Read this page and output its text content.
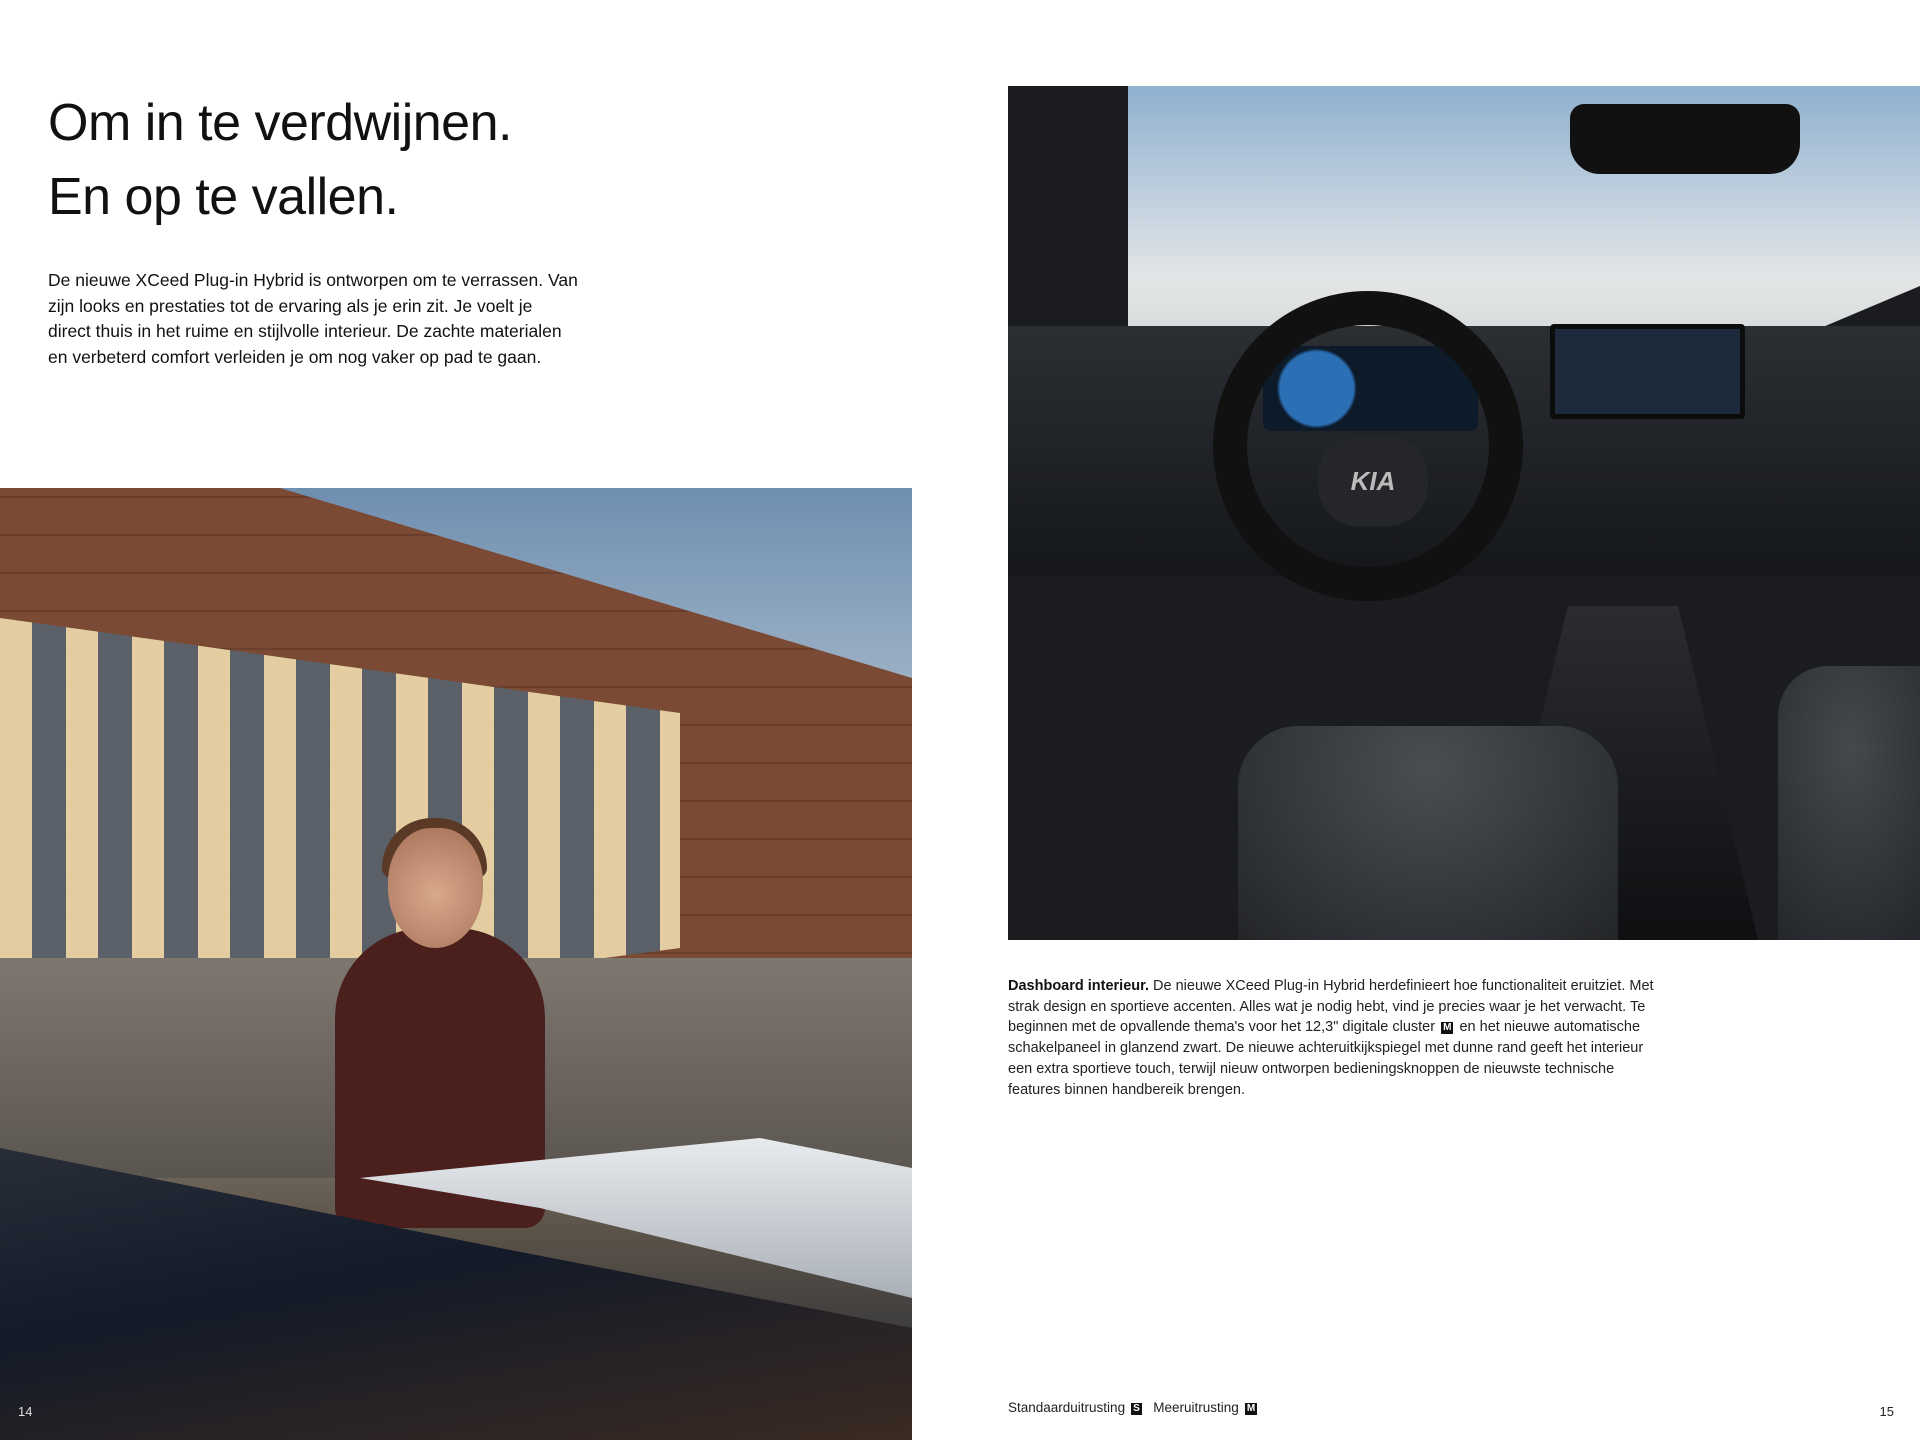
Om in te verdwijnen.
En op te vallen.

De nieuwe XCeed Plug-in Hybrid is ontworpen om te verrassen. Van zijn looks en prestaties tot de ervaring als je erin zit. Je voelt je direct thuis in het ruime en stijlvolle interieur. De zachte materialen en verbeterd comfort verleiden je om nog vaker op pad te gaan.

KIA

Dashboard interieur. De nieuwe XCeed Plug-in Hybrid herdefinieert hoe functionaliteit eruitziet. Met strak design en sportieve accenten. Alles wat je nodig hebt, vind je precies waar je het verwacht. Te beginnen met de opvallende thema's voor het 12,3" digitale cluster M en het nieuwe automatische schakelpaneel in glanzend zwart. De nieuwe achteruitkijkspiegel met dunne rand geeft het interieur een extra sportieve touch, terwijl nieuw ontworpen bedieningsknoppen de nieuwste technische features binnen handbereik brengen.

14	Standaarduitrusting S Meeruitrusting M	15
